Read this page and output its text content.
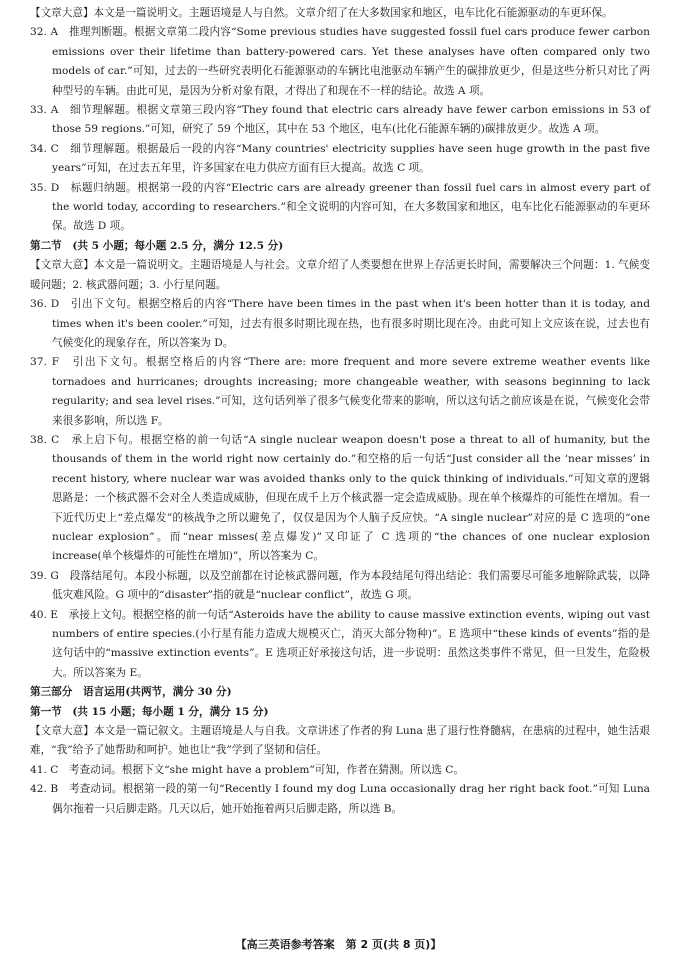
【文章大意】本文是一篇说明文。主题语境是人与自然。文章介绍了在大多数国家和地区，电车比化石能源驱动的车更环保。

32. A　推理判断题。根据文章第二段内容“Some previous studies have suggested fossil fuel cars produce fewer carbon emissions over their lifetime than battery-powered cars. Yet these analyses have often compared only two models of car.”可知，过去的一些研究表明化石能源驱动的车辆比电池驱动车辆产生的碳排放更少，但是这些分析只对比了两种型号的车辆。由此可见，是因为分析对象有限，才得出了和现在不一样的结论。故选 A 项。

33. A　细节理解题。根据文章第三段内容“They found that electric cars already have fewer carbon emissions in 53 of those 59 regions.”可知，研究了 59 个地区，其中在 53 个地区，电车(比化石能源车辆的)碳排放更少。故选 A 项。

34. C　细节理解题。根据最后一段的内容“Many countries' electricity supplies have seen huge growth in the past five years”可知，在过去五年里，许多国家在电力供应方面有巨大提高。故选 C 项。

35. D　标题归纳题。根据第一段的内容“Electric cars are already greener than fossil fuel cars in almost every part of the world today, according to researchers.”和全文说明的内容可知，在大多数国家和地区，电车比化石能源驱动的车更环保。故选 D 项。

第二节　(共 5 小题；每小题 2.5 分，满分 12.5 分)

【文章大意】本文是一篇说明文。主题语境是人与社会。文章介绍了人类要想在世界上存活更长时间，需要解决三个问题：1. 气候变暖问题；2. 核武器问题；3. 小行星问题。

36. D　引出下文句。根据空格后的内容“There have been times in the past when it's been hotter than it is today, and times when it's been cooler.”可知，过去有很多时期比现在热，也有很多时期比现在冷。由此可知上文应该在说，过去也有气候变化的现象存在，所以答案为 D。

37. F　引出下文句。根据空格后的内容“There are: more frequent and more severe extreme weather events like tornadoes and hurricanes; droughts increasing; more changeable weather, with seasons beginning to lack regularity; and sea level rises.”可知，这句话列举了很多气候变化带来的影响，所以这句话之前应该是在说，气候变化会带来很多影响，所以选 F。

38. C　承上启下句。根据空格的前一句话“A single nuclear weapon doesn't pose a threat to all of humanity, but the thousands of them in the world right now certainly do.”和空格的后一句话“Just consider all the ‘near misses’ in recent history, where nuclear war was avoided thanks only to the quick thinking of individuals.”可知文章的逻辑思路是：一个核武器不会对全人类造成威胁，但现在成千上万个核武器一定会造成威胁。现在单个核爆炸的可能性在增加。看一下近代历史上“差点爆发”的核战争之所以避免了，仅仅是因为个人脑子反应快。“A single nuclear”对应的是 C 选项的“one nuclear explosion”。而“near misses(差点爆发)”又印证了 C 选项的“the chances of one nuclear explosion increase(单个核爆炸的可能性在增加)”，所以答案为 C。

39. G　段落结尾句。本段小标题，以及空前都在讨论核武器问题，作为本段结尾句得出结论：我们需要尽可能多地解除武装，以降低灾难风险。G 项中的“disaster”指的就是“nuclear conflict”，故选 G 项。

40. E　承接上文句。根据空格的前一句话“Asteroids have the ability to cause massive extinction events, wiping out vast numbers of entire species.(小行星有能力造成大规模灭亡，消灭大部分物种)”。E 选项中“these kinds of events”指的是这句话中的“massive extinction events”。E 选项正好承接这句话，进一步说明：虽然这类事件不常见，但一旦发生，危险极大。所以答案为 E。

第三部分　语言运用(共两节，满分 30 分)

第一节　(共 15 小题；每小题 1 分，满分 15 分)

【文章大意】本文是一篇记叙文。主题语境是人与自我。文章讲述了作者的狗 Luna 患了退行性脊髓病，在患病的过程中，她生活艰难，“我”给予了她帮助和呵护。她也让“我”学到了坚韧和信任。

41. C　考查动词。根据下文“she might have a problem”可知，作者在猜测。所以选 C。

42. B　考查动词。根据第一段的第一句“Recently I found my dog Luna occasionally drag her right back foot.”可知 Luna 偶尔拖着一只后脚走路。几天以后，她开始拖着两只后脚走路，所以选 B。

【高三英语参考答案　第 2 页(共 8 页)】
